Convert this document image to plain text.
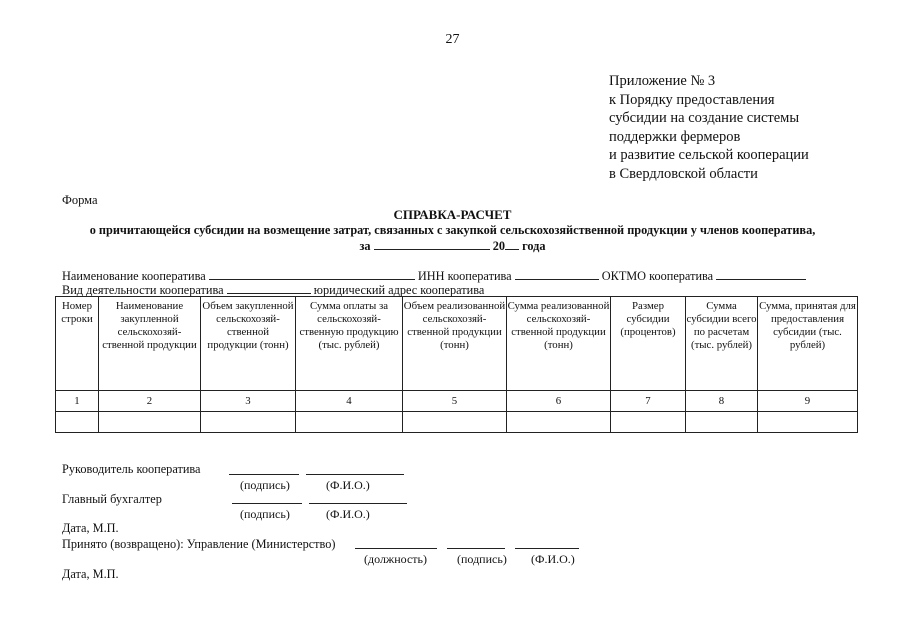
27
Приложение № 3
к Порядку предоставления
субсидии на создание системы
поддержки фермеров
и развитие сельской кооперации
в Свердловской области
Форма
СПРАВКА-РАСЧЕТ
о причитающейся субсидии на возмещение затрат, связанных с закупкой сельскохозяйственной продукции у членов кооператива,
за	20 года
Наименование кооператива	ИНН кооператива	ОКТМО кооператива
Вид деятельности кооператива	юридический адрес кооператива
Номер строки	Наименование закупленной сельскохозяй-ственной продукции	Объем закупленной сельскохозяй-ственной продукции (тонн)	Сумма оплаты за сельскохозяй-ственную продукцию (тыс. рублей)	Объем реализованной сельскохозяй-ственной продукции (тонн)	Сумма реализованной сельскохозяй-ственной продукции (тонн)	Размер субсидии (процентов)	Сумма субсидии всего по расчетам (тыс. рублей)	Сумма, принятая для предоставления субсидии (тыс. рублей)
1	2	3	4	5	6	7	8	9

Руководитель кооператива
(подпись)	(Ф.И.О.)
Главный бухгалтер
(подпись)	(Ф.И.О.)
Дата, М.П.
Принято (возвращено): Управление (Министерство)
(должность)	(подпись) (Ф.И.О.)
Дата, М.П.
